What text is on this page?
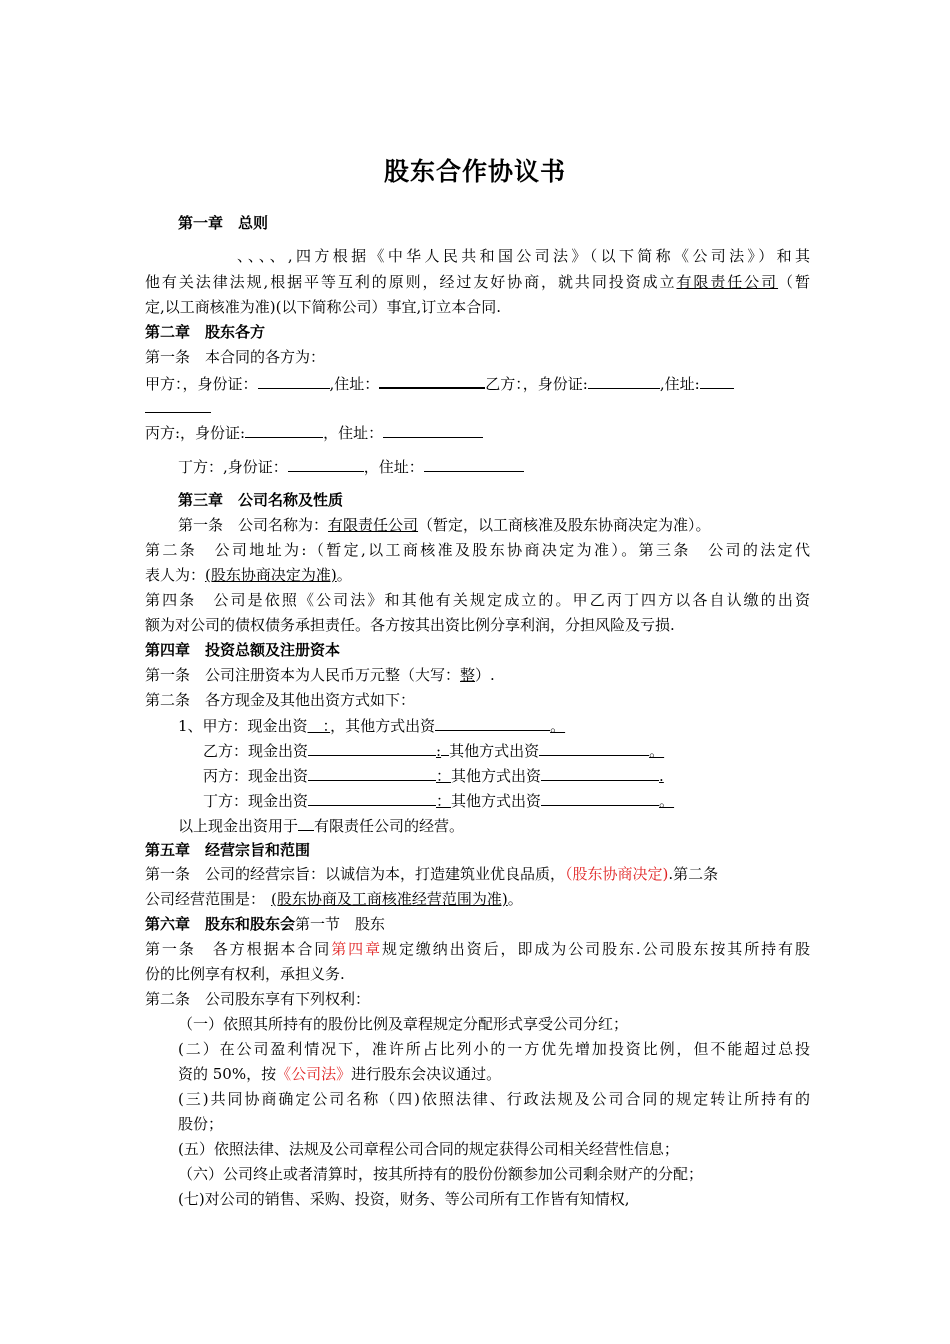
股东合作协议书
第一章　总则
、、、、,四方根据《中华人民共和国公司法》（以下简称《公司法》）和其
他有关法律法规,根据平等互利的原则，经过友好协商，就共同投资成立有限责任公司（暂
定,以工商核准为准)(以下简称公司）事宜,订立本合同.
第二章　股东各方
第一条　本合同的各方为：
甲方：，身份证：	,住址：	乙方：，身份证:	,住址:
丙方:，身份证:	，住址：
丁方：,身份证：	，住址：
第三章　公司名称及性质
第一条　公司名称为：有限责任公司（暂定，以工商核准及股东协商决定为准）。
第二条　公司地址为:（暂定,以工商核准及股东协商决定为准）。第三条　公司的法定代
表人为：(股东协商决定为准)。
第四条　公司是依照《公司法》和其他有关规定成立的。甲乙丙丁四方以各自认缴的出资
额为对公司的债权债务承担责任。各方按其出资比例分享利润，分担风险及亏损.
第四章　投资总额及注册资本
第一条　公司注册资本为人民币万元整（大写：整）.
第二条　各方现金及其他出资方式如下：
1、甲方：现金出资　：，其他方式出资	。
乙方：现金出资	: 其他方式出资	。
丙方：现金出资	：其他方式出资	.
丁方：现金出资	：其他方式出资	。
以上现金出资用于 有限责任公司的经营。
第五章　经营宗旨和范围
第一条　公司的经营宗旨：以诚信为本，打造建筑业优良品质，（股东协商决定).第二条
公司经营范围是： (股东协商及工商核准经营范围为准)。
第六章　股东和股东会第一节　股东
第一条　各方根据本合同第四章规定缴纳出资后，即成为公司股东.公司股东按其所持有股
份的比例享有权利，承担义务.
第二条　公司股东享有下列权利：
（一）依照其所持有的股份比例及章程规定分配形式享受公司分红；
(二）在公司盈利情况下，准许所占比列小的一方优先增加投资比例，但不能超过总投
资的 50%，按《公司法》进行股东会决议通过。
(三)共同协商确定公司名称（四)依照法律、行政法规及公司合同的规定转让所持有的
股份；
(五）依照法律、法规及公司章程公司合同的规定获得公司相关经营性信息；
（六）公司终止或者清算时，按其所持有的股份份额参加公司剩余财产的分配；
(七)对公司的销售、采购、投资，财务、等公司所有工作皆有知情权,
